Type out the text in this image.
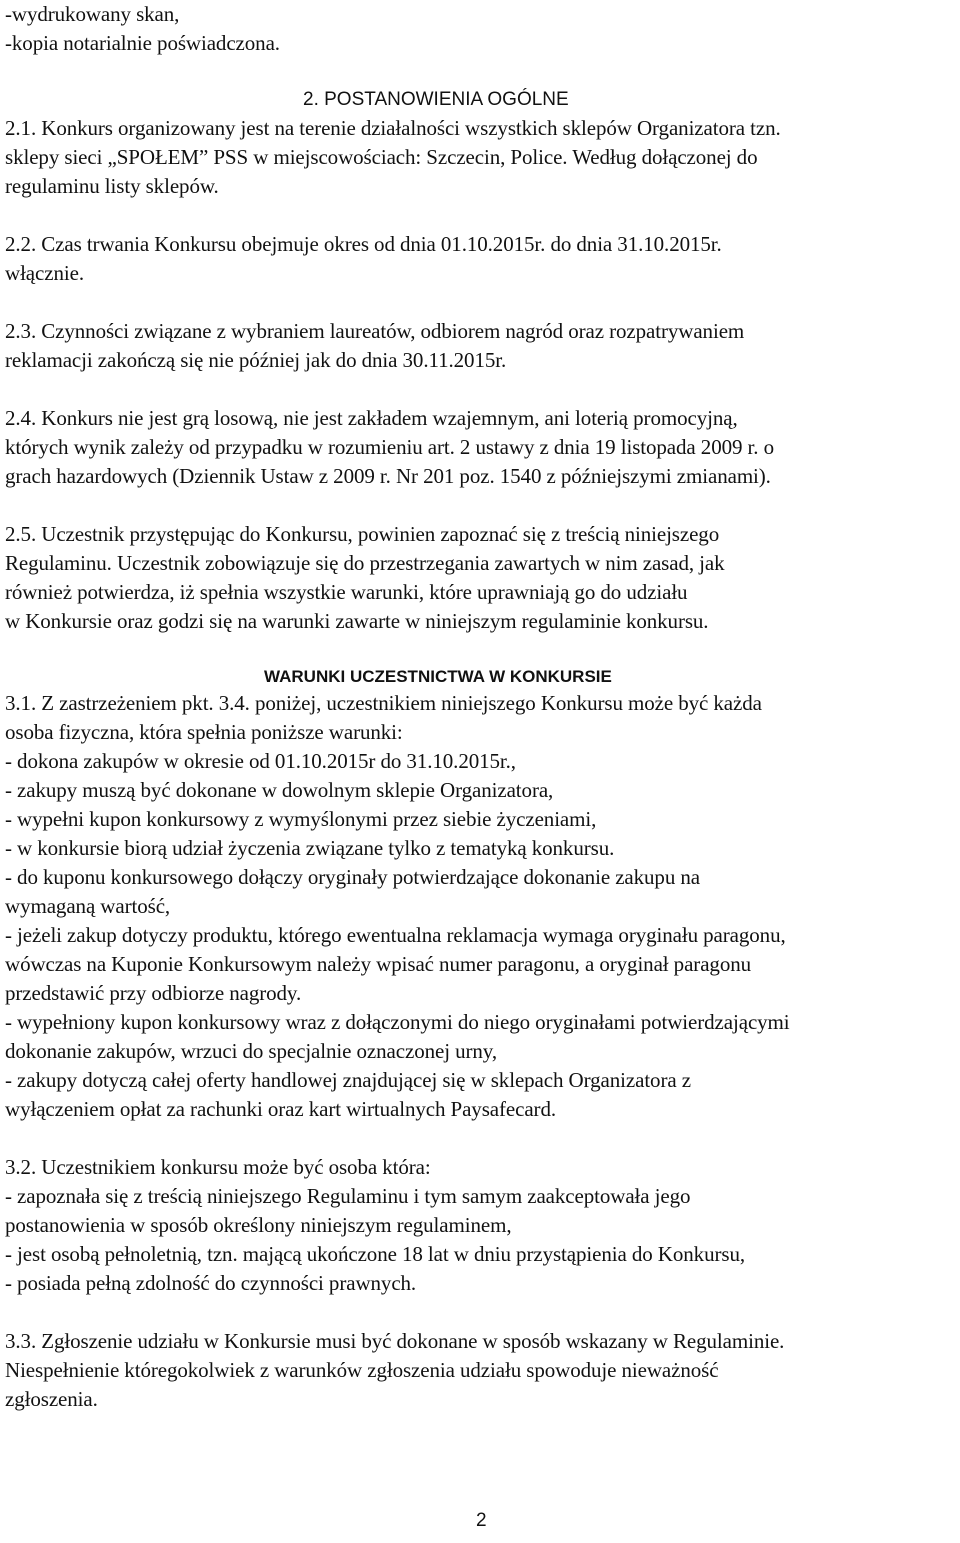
-wydrukowany skan,
-kopia notarialnie poświadczona.
2. POSTANOWIENIA OGÓLNE
2.1. Konkurs organizowany jest na terenie działalności wszystkich sklepów Organizatora tzn.
sklepy sieci „SPOŁEM” PSS w miejscowościach: Szczecin, Police. Według dołączonej do
regulaminu listy sklepów.
2.2. Czas trwania Konkursu obejmuje okres od dnia 01.10.2015r. do dnia 31.10.2015r.
włącznie.
2.3. Czynności związane z wybraniem laureatów, odbiorem nagród oraz rozpatrywaniem
reklamacji zakończą się nie później jak do dnia 30.11.2015r.
2.4. Konkurs nie jest grą losową, nie jest zakładem wzajemnym, ani loterią promocyjną,
których wynik zależy od przypadku w rozumieniu art. 2 ustawy z dnia 19 listopada 2009 r. o
grach hazardowych (Dziennik Ustaw z 2009 r. Nr 201 poz. 1540 z późniejszymi zmianami).
2.5. Uczestnik przystępując do Konkursu, powinien zapoznać się z treścią niniejszego
Regulaminu. Uczestnik zobowiązuje się do przestrzegania zawartych w nim zasad, jak
również potwierdza, iż spełnia wszystkie warunki, które uprawniają go do udziału
w Konkursie oraz godzi się na warunki zawarte w niniejszym regulaminie konkursu.
WARUNKI UCZESTNICTWA W KONKURSIE
3.1. Z zastrzeżeniem pkt. 3.4. poniżej, uczestnikiem niniejszego Konkursu może być każda
osoba fizyczna, która spełnia poniższe warunki:
- dokona zakupów w okresie od 01.10.2015r do 31.10.2015r.,
- zakupy muszą być dokonane w dowolnym sklepie Organizatora,
- wypełni kupon konkursowy z wymyślonymi przez siebie życzeniami,
- w konkursie biorą udział życzenia związane tylko z tematyką konkursu.
- do kuponu konkursowego dołączy oryginały potwierdzające dokonanie zakupu na
wymaganą wartość,
- jeżeli zakup dotyczy produktu, którego ewentualna reklamacja wymaga oryginału paragonu,
wówczas na Kuponie Konkursowym należy wpisać numer paragonu, a oryginał paragonu
przedstawić przy odbiorze nagrody.
- wypełniony kupon konkursowy wraz z dołączonymi do niego oryginałami potwierdzającymi
dokonanie zakupów, wrzuci do specjalnie oznaczonej urny,
- zakupy dotyczą całej oferty handlowej znajdującej się w sklepach Organizatora z
wyłączeniem opłat za rachunki oraz kart wirtualnych Paysafecard.
3.2. Uczestnikiem konkursu może być osoba która:
- zapoznała się z treścią niniejszego Regulaminu i tym samym zaakceptowała jego
postanowienia w sposób określony niniejszym regulaminem,
- jest osobą pełnoletnią, tzn. mającą ukończone 18 lat w dniu przystąpienia do Konkursu,
- posiada pełną zdolność do czynności prawnych.
3.3. Zgłoszenie udziału w Konkursie musi być dokonane w sposób wskazany w Regulaminie.
Niespełnienie któregokolwiek z warunków zgłoszenia udziału spowoduje nieważność
zgłoszenia.
2
